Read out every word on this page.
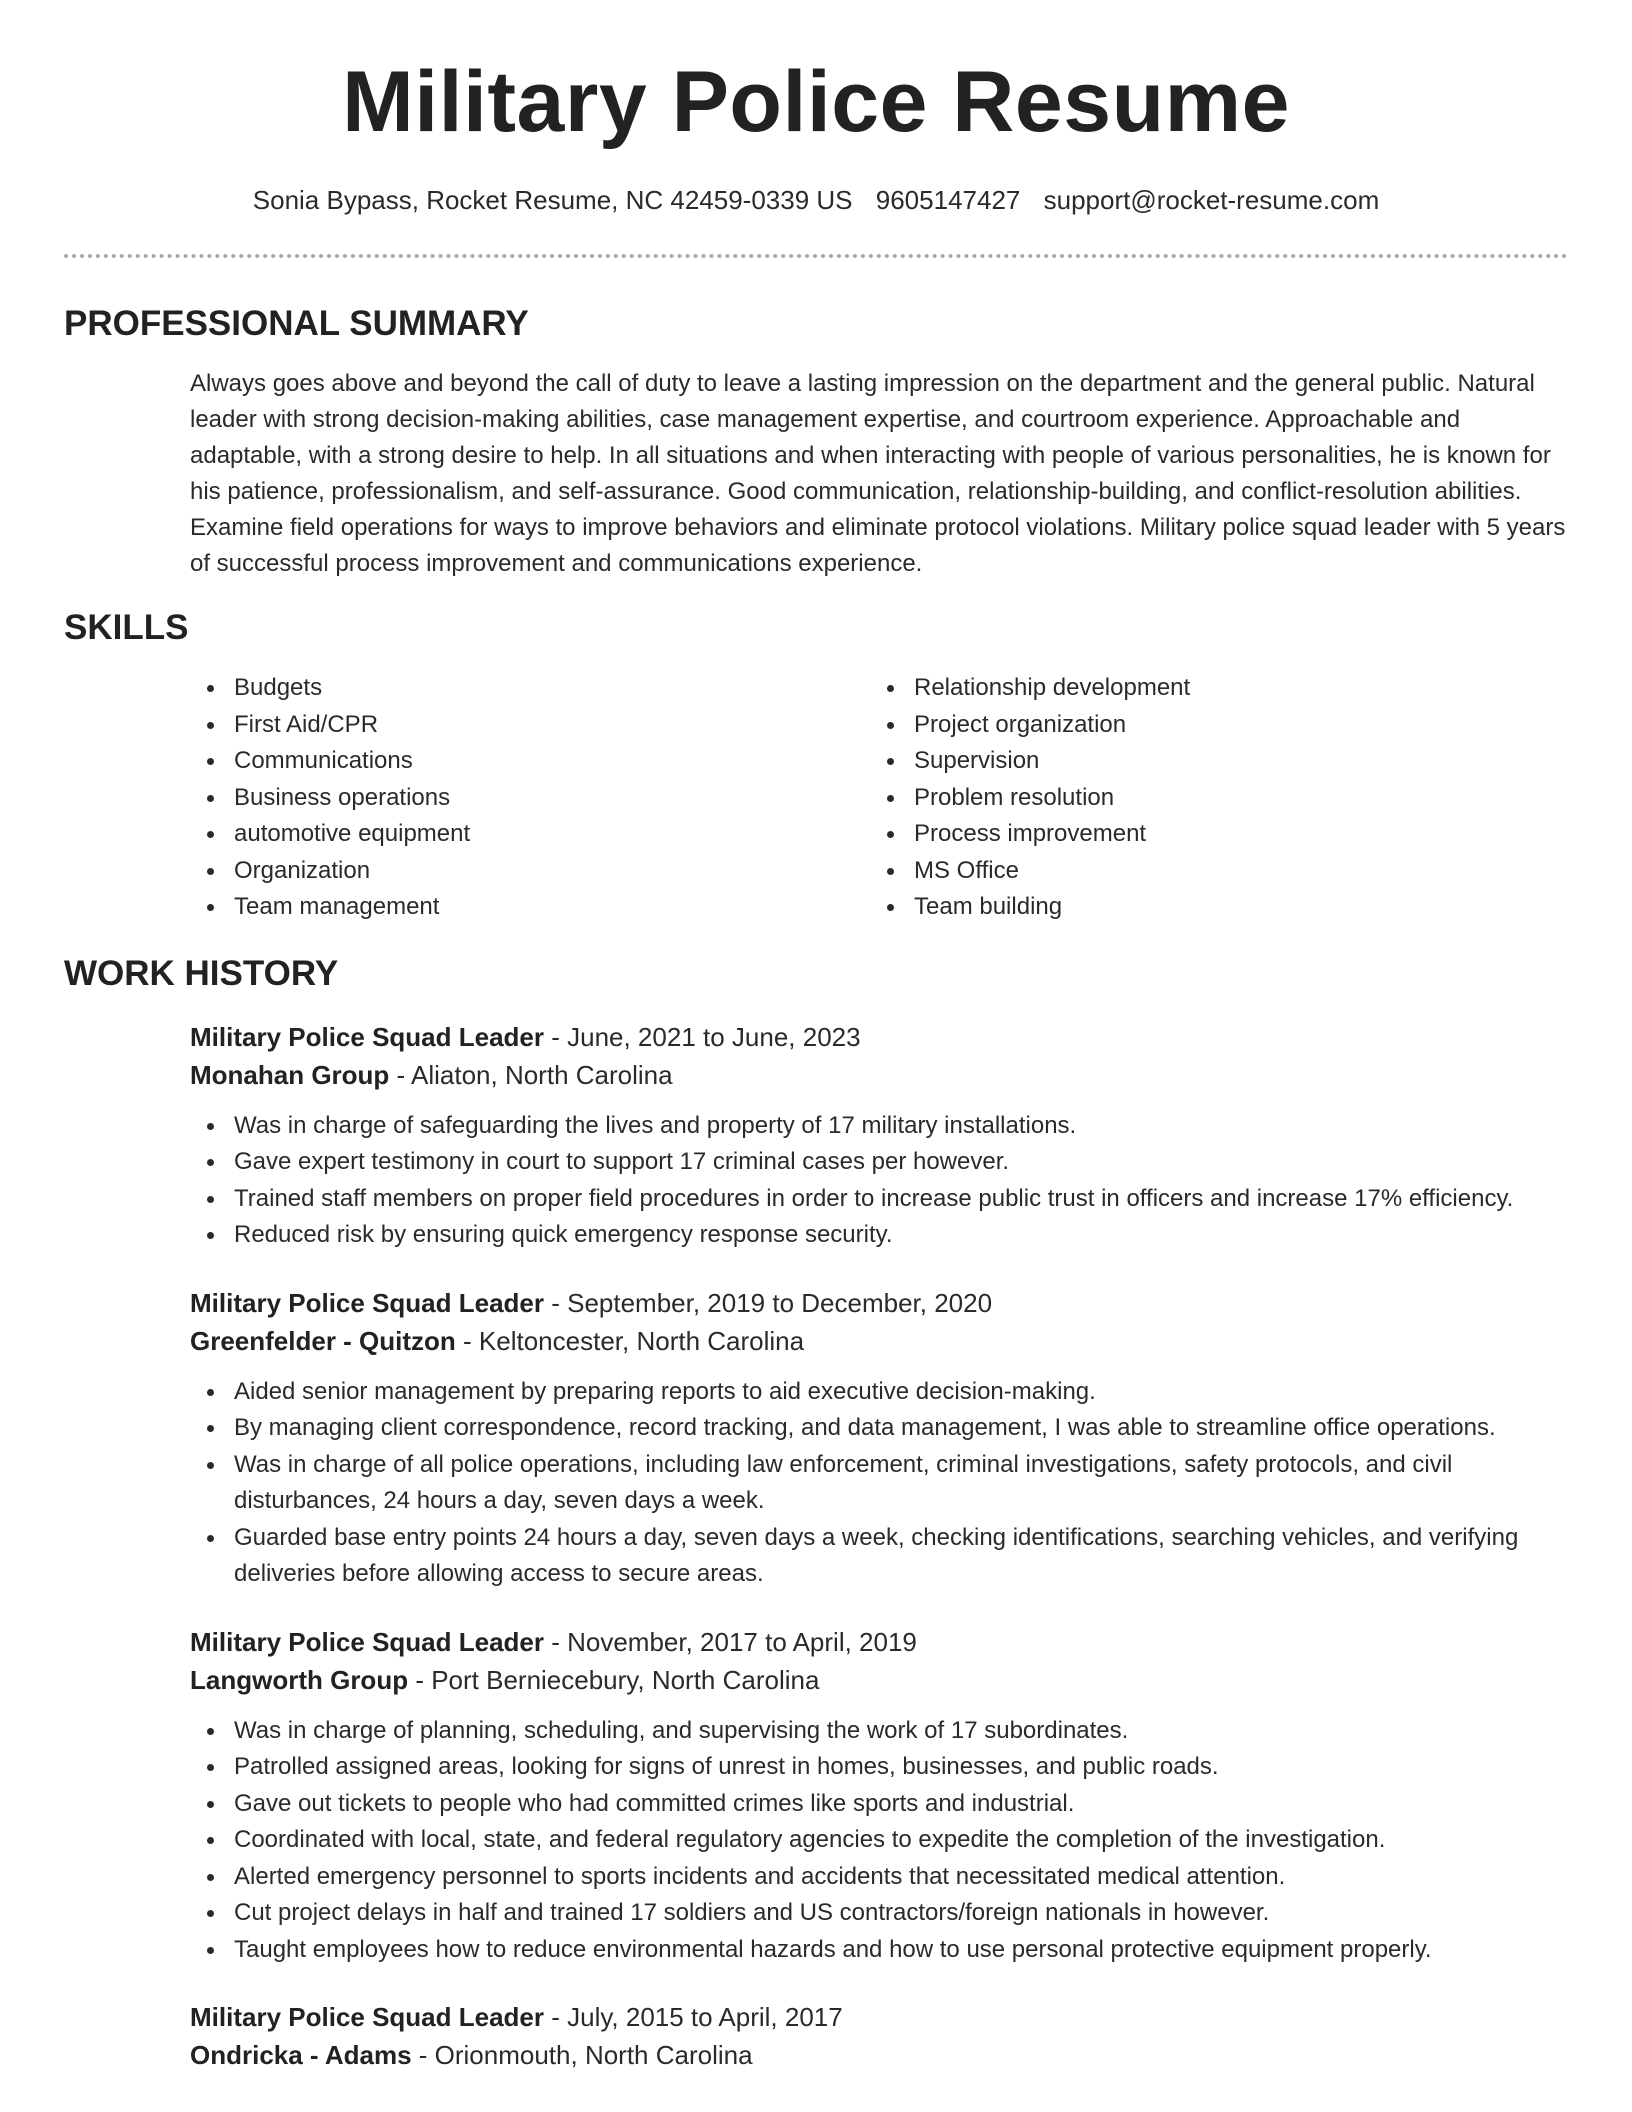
Military Police Resume
Sonia Bypass, Rocket Resume, NC 42459-0339 US 9605147427 support@rocket-resume.com
PROFESSIONAL SUMMARY
Always goes above and beyond the call of duty to leave a lasting impression on the department and the general public. Natural leader with strong decision-making abilities, case management expertise, and courtroom experience. Approachable and adaptable, with a strong desire to help. In all situations and when interacting with people of various personalities, he is known for his patience, professionalism, and self-assurance. Good communication, relationship-building, and conflict-resolution abilities. Examine field operations for ways to improve behaviors and eliminate protocol violations. Military police squad leader with 5 years of successful process improvement and communications experience.
SKILLS
Budgets
First Aid/CPR
Communications
Business operations
automotive equipment
Organization
Team management
Relationship development
Project organization
Supervision
Problem resolution
Process improvement
MS Office
Team building
WORK HISTORY
Military Police Squad Leader - June, 2021 to June, 2023
Monahan Group - Aliaton, North Carolina
Was in charge of safeguarding the lives and property of 17 military installations.
Gave expert testimony in court to support 17 criminal cases per however.
Trained staff members on proper field procedures in order to increase public trust in officers and increase 17% efficiency.
Reduced risk by ensuring quick emergency response security.
Military Police Squad Leader - September, 2019 to December, 2020
Greenfelder - Quitzon - Keltoncester, North Carolina
Aided senior management by preparing reports to aid executive decision-making.
By managing client correspondence, record tracking, and data management, I was able to streamline office operations.
Was in charge of all police operations, including law enforcement, criminal investigations, safety protocols, and civil disturbances, 24 hours a day, seven days a week.
Guarded base entry points 24 hours a day, seven days a week, checking identifications, searching vehicles, and verifying deliveries before allowing access to secure areas.
Military Police Squad Leader - November, 2017 to April, 2019
Langworth Group - Port Berniecebury, North Carolina
Was in charge of planning, scheduling, and supervising the work of 17 subordinates.
Patrolled assigned areas, looking for signs of unrest in homes, businesses, and public roads.
Gave out tickets to people who had committed crimes like sports and industrial.
Coordinated with local, state, and federal regulatory agencies to expedite the completion of the investigation.
Alerted emergency personnel to sports incidents and accidents that necessitated medical attention.
Cut project delays in half and trained 17 soldiers and US contractors/foreign nationals in however.
Taught employees how to reduce environmental hazards and how to use personal protective equipment properly.
Military Police Squad Leader - July, 2015 to April, 2017
Ondricka - Adams - Orionmouth, North Carolina
